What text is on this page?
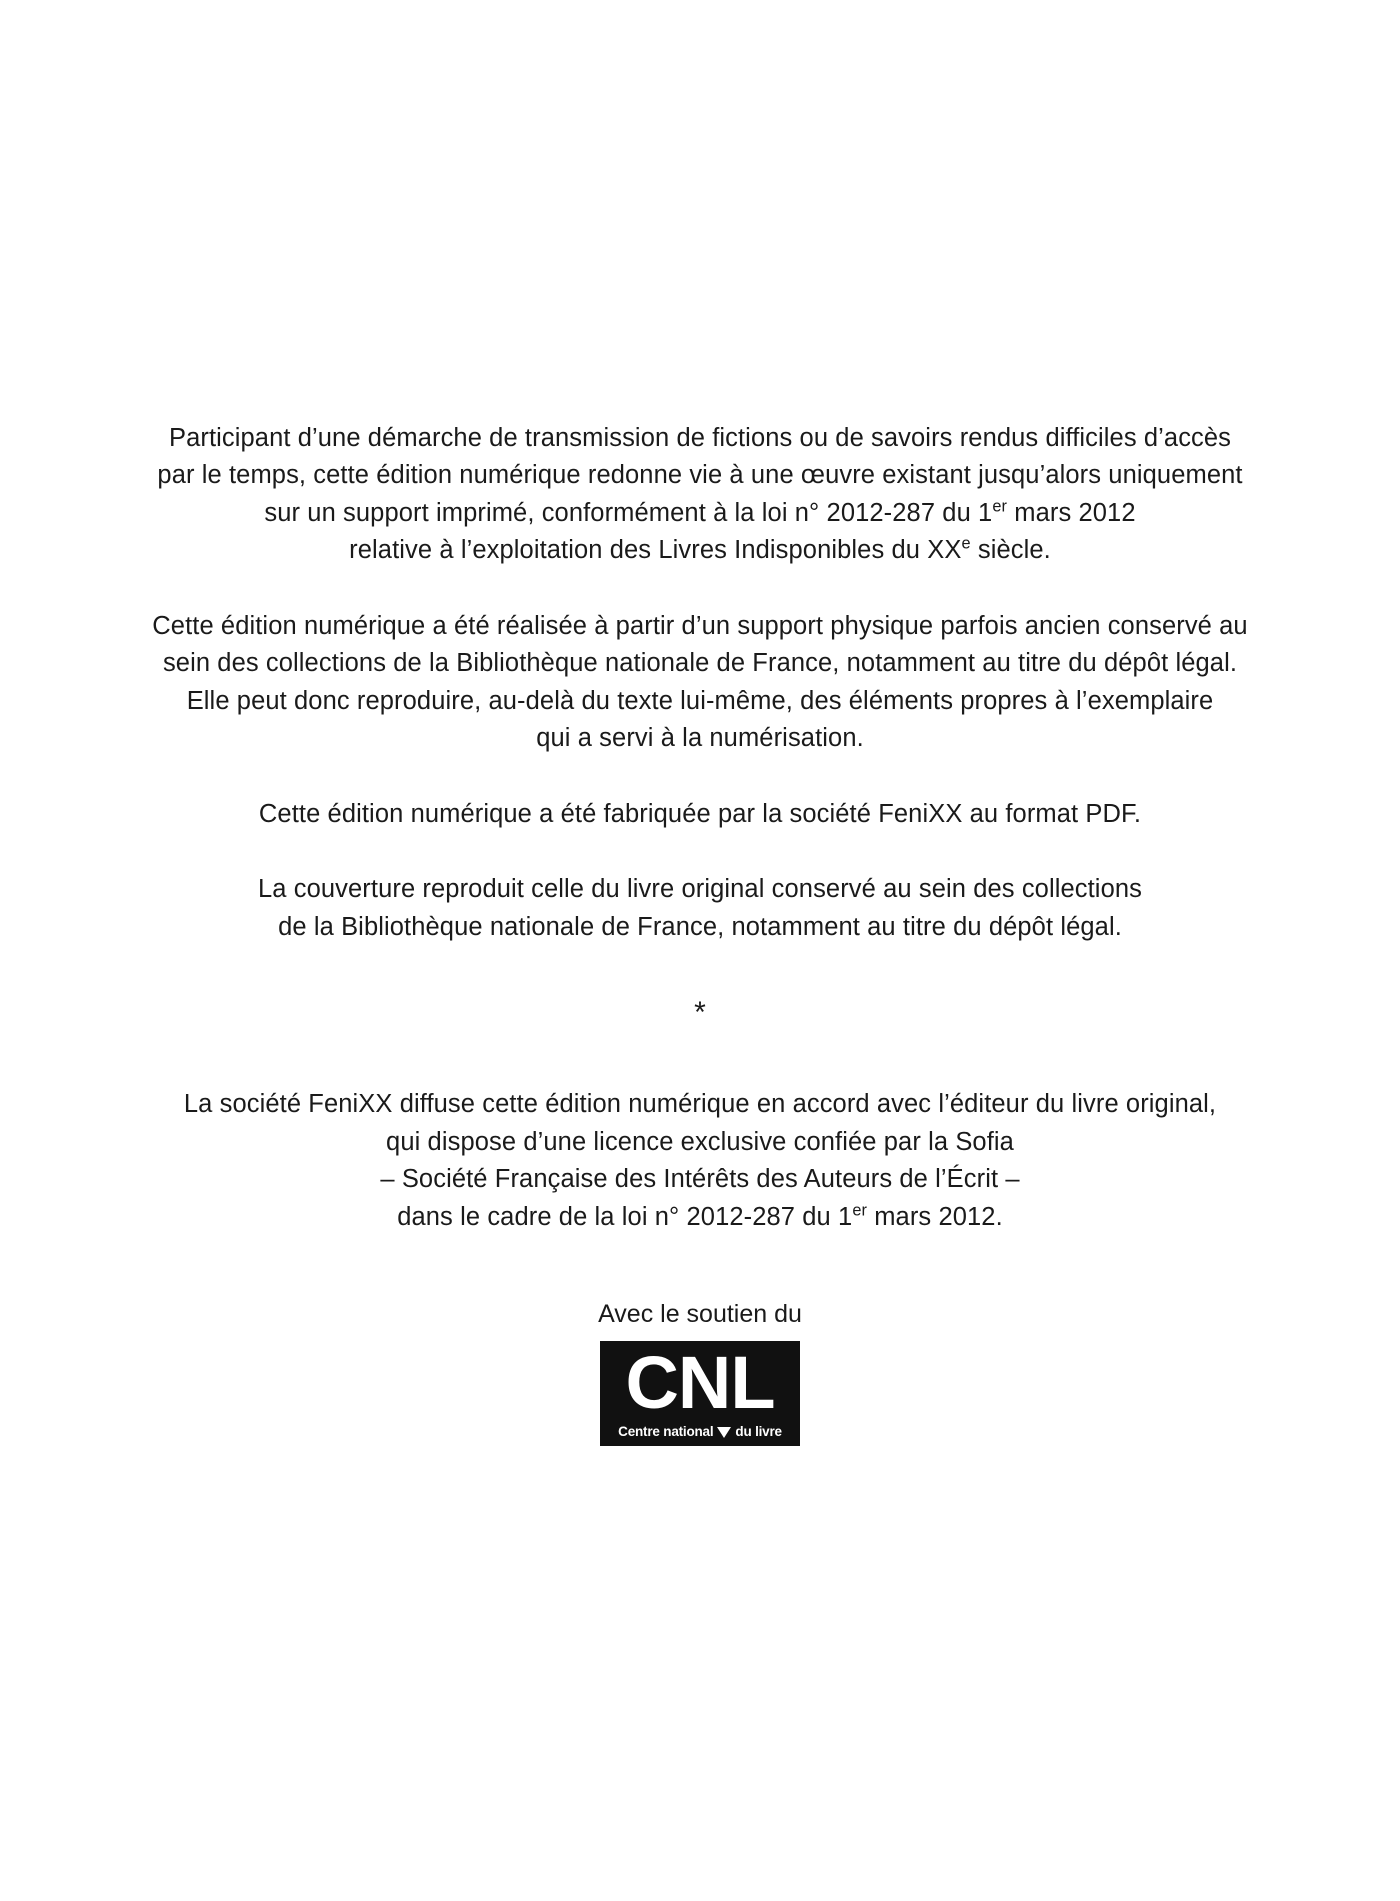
Participant d’une démarche de transmission de fictions ou de savoirs rendus difficiles d’accès

par le temps, cette édition numérique redonne vie à une œuvre existant jusqu’alors uniquement

sur un support imprimé, conformément à la loi n° 2012-287 du 1er mars 2012

relative à l’exploitation des Livres Indisponibles du XXe siècle.

Cette édition numérique a été réalisée à partir d’un support physique parfois ancien conservé au

sein des collections de la Bibliothèque nationale de France, notamment au titre du dépôt légal.

Elle peut donc reproduire, au-delà du texte lui-même, des éléments propres à l’exemplaire

qui a servi à la numérisation.

Cette édition numérique a été fabriquée par la société FeniXX au format PDF.

La couverture reproduit celle du livre original conservé au sein des collections

de la Bibliothèque nationale de France, notamment au titre du dépôt légal.

*

La société FeniXX diffuse cette édition numérique en accord avec l’éditeur du livre original,

qui dispose d’une licence exclusive confiée par la Sofia

– Société Française des Intérêts des Auteurs de l’Écrit –

dans le cadre de la loi n° 2012-287 du 1er mars 2012.

Avec le soutien du

CNL
Centre national du livre
